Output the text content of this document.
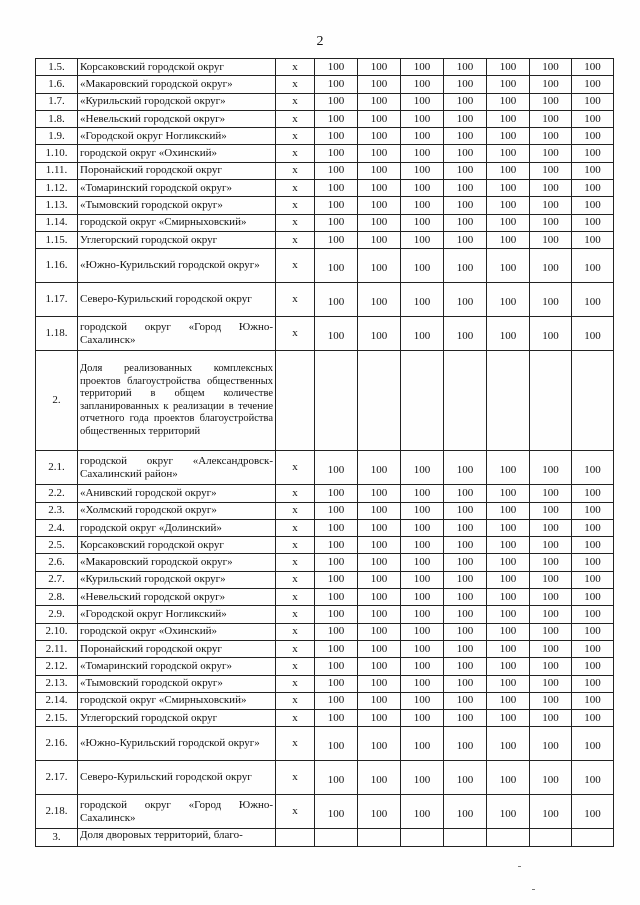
2
1.5.	Корсаковский городской округ	х	100	100	100	100	100	100	100
1.6.	«Макаровский городской округ»	х	100	100	100	100	100	100	100
1.7.	«Курильский городской округ»	х	100	100	100	100	100	100	100
1.8.	«Невельский городской округ»	х	100	100	100	100	100	100	100
1.9.	«Городской округ Ногликский»	х	100	100	100	100	100	100	100
1.10.	городской округ «Охинский»	х	100	100	100	100	100	100	100
1.11.	Поронайский городской округ	х	100	100	100	100	100	100	100
1.12.	«Томаринский городской округ»	х	100	100	100	100	100	100	100
1.13.	«Тымовский городской округ»	х	100	100	100	100	100	100	100
1.14.	городской округ «Смирныховский»	х	100	100	100	100	100	100	100
1.15.	Углегорский городской округ	х	100	100	100	100	100	100	100
1.16.	«Южно-Курильский городской округ»	х	100	100	100	100	100	100	100
1.17.	Северо-Курильский городской округ	х	100	100	100	100	100	100	100
1.18.	городской округ «Город Южно-Сахалинск»	х	100	100	100	100	100	100	100
2.	Доля реализованных комплексных проектов благоустройства общественных территорий в общем количестве запланированных к реализации в течение отчетного года проектов благоустройства общественных территорий								
2.1.	городской округ «Александровск-Сахалинский район»	х	100	100	100	100	100	100	100
2.2.	«Анивский городской округ»	х	100	100	100	100	100	100	100
2.3.	«Холмский городской округ»	х	100	100	100	100	100	100	100
2.4.	городской округ «Долинский»	х	100	100	100	100	100	100	100
2.5.	Корсаковский городской округ	х	100	100	100	100	100	100	100
2.6.	«Макаровский городской округ»	х	100	100	100	100	100	100	100
2.7.	«Курильский городской округ»	х	100	100	100	100	100	100	100
2.8.	«Невельский городской округ»	х	100	100	100	100	100	100	100
2.9.	«Городской округ Ногликский»	х	100	100	100	100	100	100	100
2.10.	городской округ «Охинский»	х	100	100	100	100	100	100	100
2.11.	Поронайский городской округ	х	100	100	100	100	100	100	100
2.12.	«Томаринский городской округ»	х	100	100	100	100	100	100	100
2.13.	«Тымовский городской округ»	х	100	100	100	100	100	100	100
2.14.	городской округ «Смирныховский»	х	100	100	100	100	100	100	100
2.15.	Углегорский городской округ	х	100	100	100	100	100	100	100
2.16.	«Южно-Курильский городской округ»	х	100	100	100	100	100	100	100
2.17.	Северо-Курильский городской округ	х	100	100	100	100	100	100	100
2.18.	городской округ «Город Южно-Сахалинск»	х	100	100	100	100	100	100	100
3.	Доля дворовых территорий, благо-								
